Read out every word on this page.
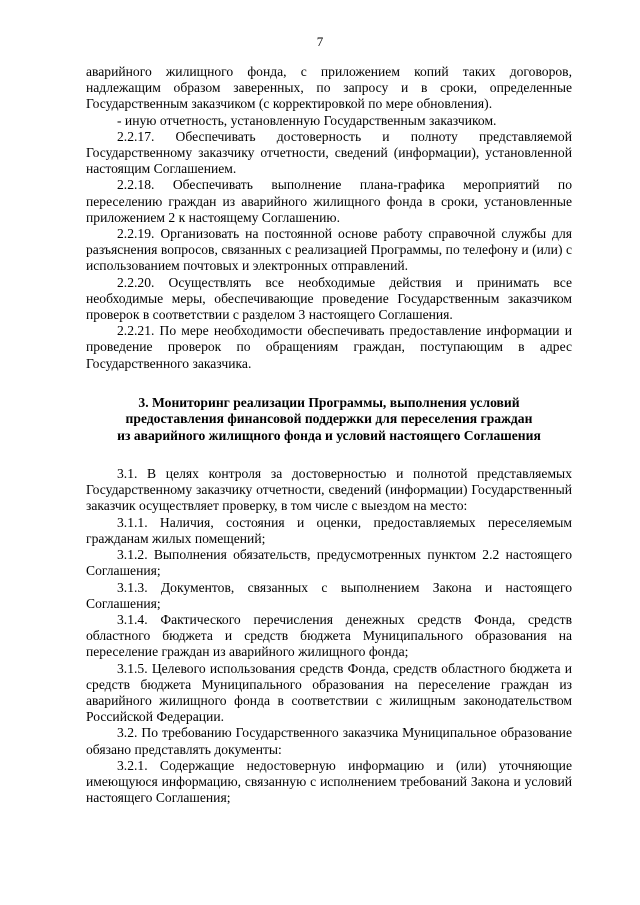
7

аварийного жилищного фонда, с приложением копий таких договоров, надлежащим образом заверенных, по запросу и в сроки, определенные Государственным заказчиком (с корректировкой по мере обновления).

- иную отчетность, установленную Государственным заказчиком.

2.2.17. Обеспечивать достоверность и полноту представляемой Государственному заказчику отчетности, сведений (информации), установленной настоящим Соглашением.

2.2.18. Обеспечивать выполнение плана-графика мероприятий по переселению граждан из аварийного жилищного фонда в сроки, установленные приложением 2 к настоящему Соглашению.

2.2.19. Организовать на постоянной основе работу справочной службы для разъяснения вопросов, связанных с реализацией Программы, по телефону и (или) с использованием почтовых и электронных отправлений.

2.2.20. Осуществлять все необходимые действия и принимать все необходимые меры, обеспечивающие проведение Государственным заказчиком проверок в соответствии с разделом 3 настоящего Соглашения.

2.2.21. По мере необходимости обеспечивать предоставление информации и проведение проверок по обращениям граждан, поступающим в адрес Государственного заказчика.

3. Мониторинг реализации Программы, выполнения условий
предоставления финансовой поддержки для переселения граждан
из аварийного жилищного фонда и условий настоящего Соглашения

3.1. В целях контроля за достоверностью и полнотой представляемых Государственному заказчику отчетности, сведений (информации) Государственный заказчик осуществляет проверку, в том числе с выездом на место:

3.1.1. Наличия, состояния и оценки, предоставляемых переселяемым гражданам жилых помещений;

3.1.2. Выполнения обязательств, предусмотренных пунктом 2.2 настоящего Соглашения;

3.1.3. Документов, связанных с выполнением Закона и настоящего Соглашения;

3.1.4. Фактического перечисления денежных средств Фонда, средств областного бюджета и средств бюджета Муниципального образования на переселение граждан из аварийного жилищного фонда;

3.1.5. Целевого использования средств Фонда, средств областного бюджета и средств бюджета Муниципального образования на переселение граждан из аварийного жилищного фонда в соответствии с жилищным законодательством Российской Федерации.

3.2. По требованию Государственного заказчика Муниципальное образование обязано представлять документы:

3.2.1. Содержащие недостоверную информацию и (или) уточняющие имеющуюся информацию, связанную с исполнением требований Закона и условий настоящего Соглашения;
